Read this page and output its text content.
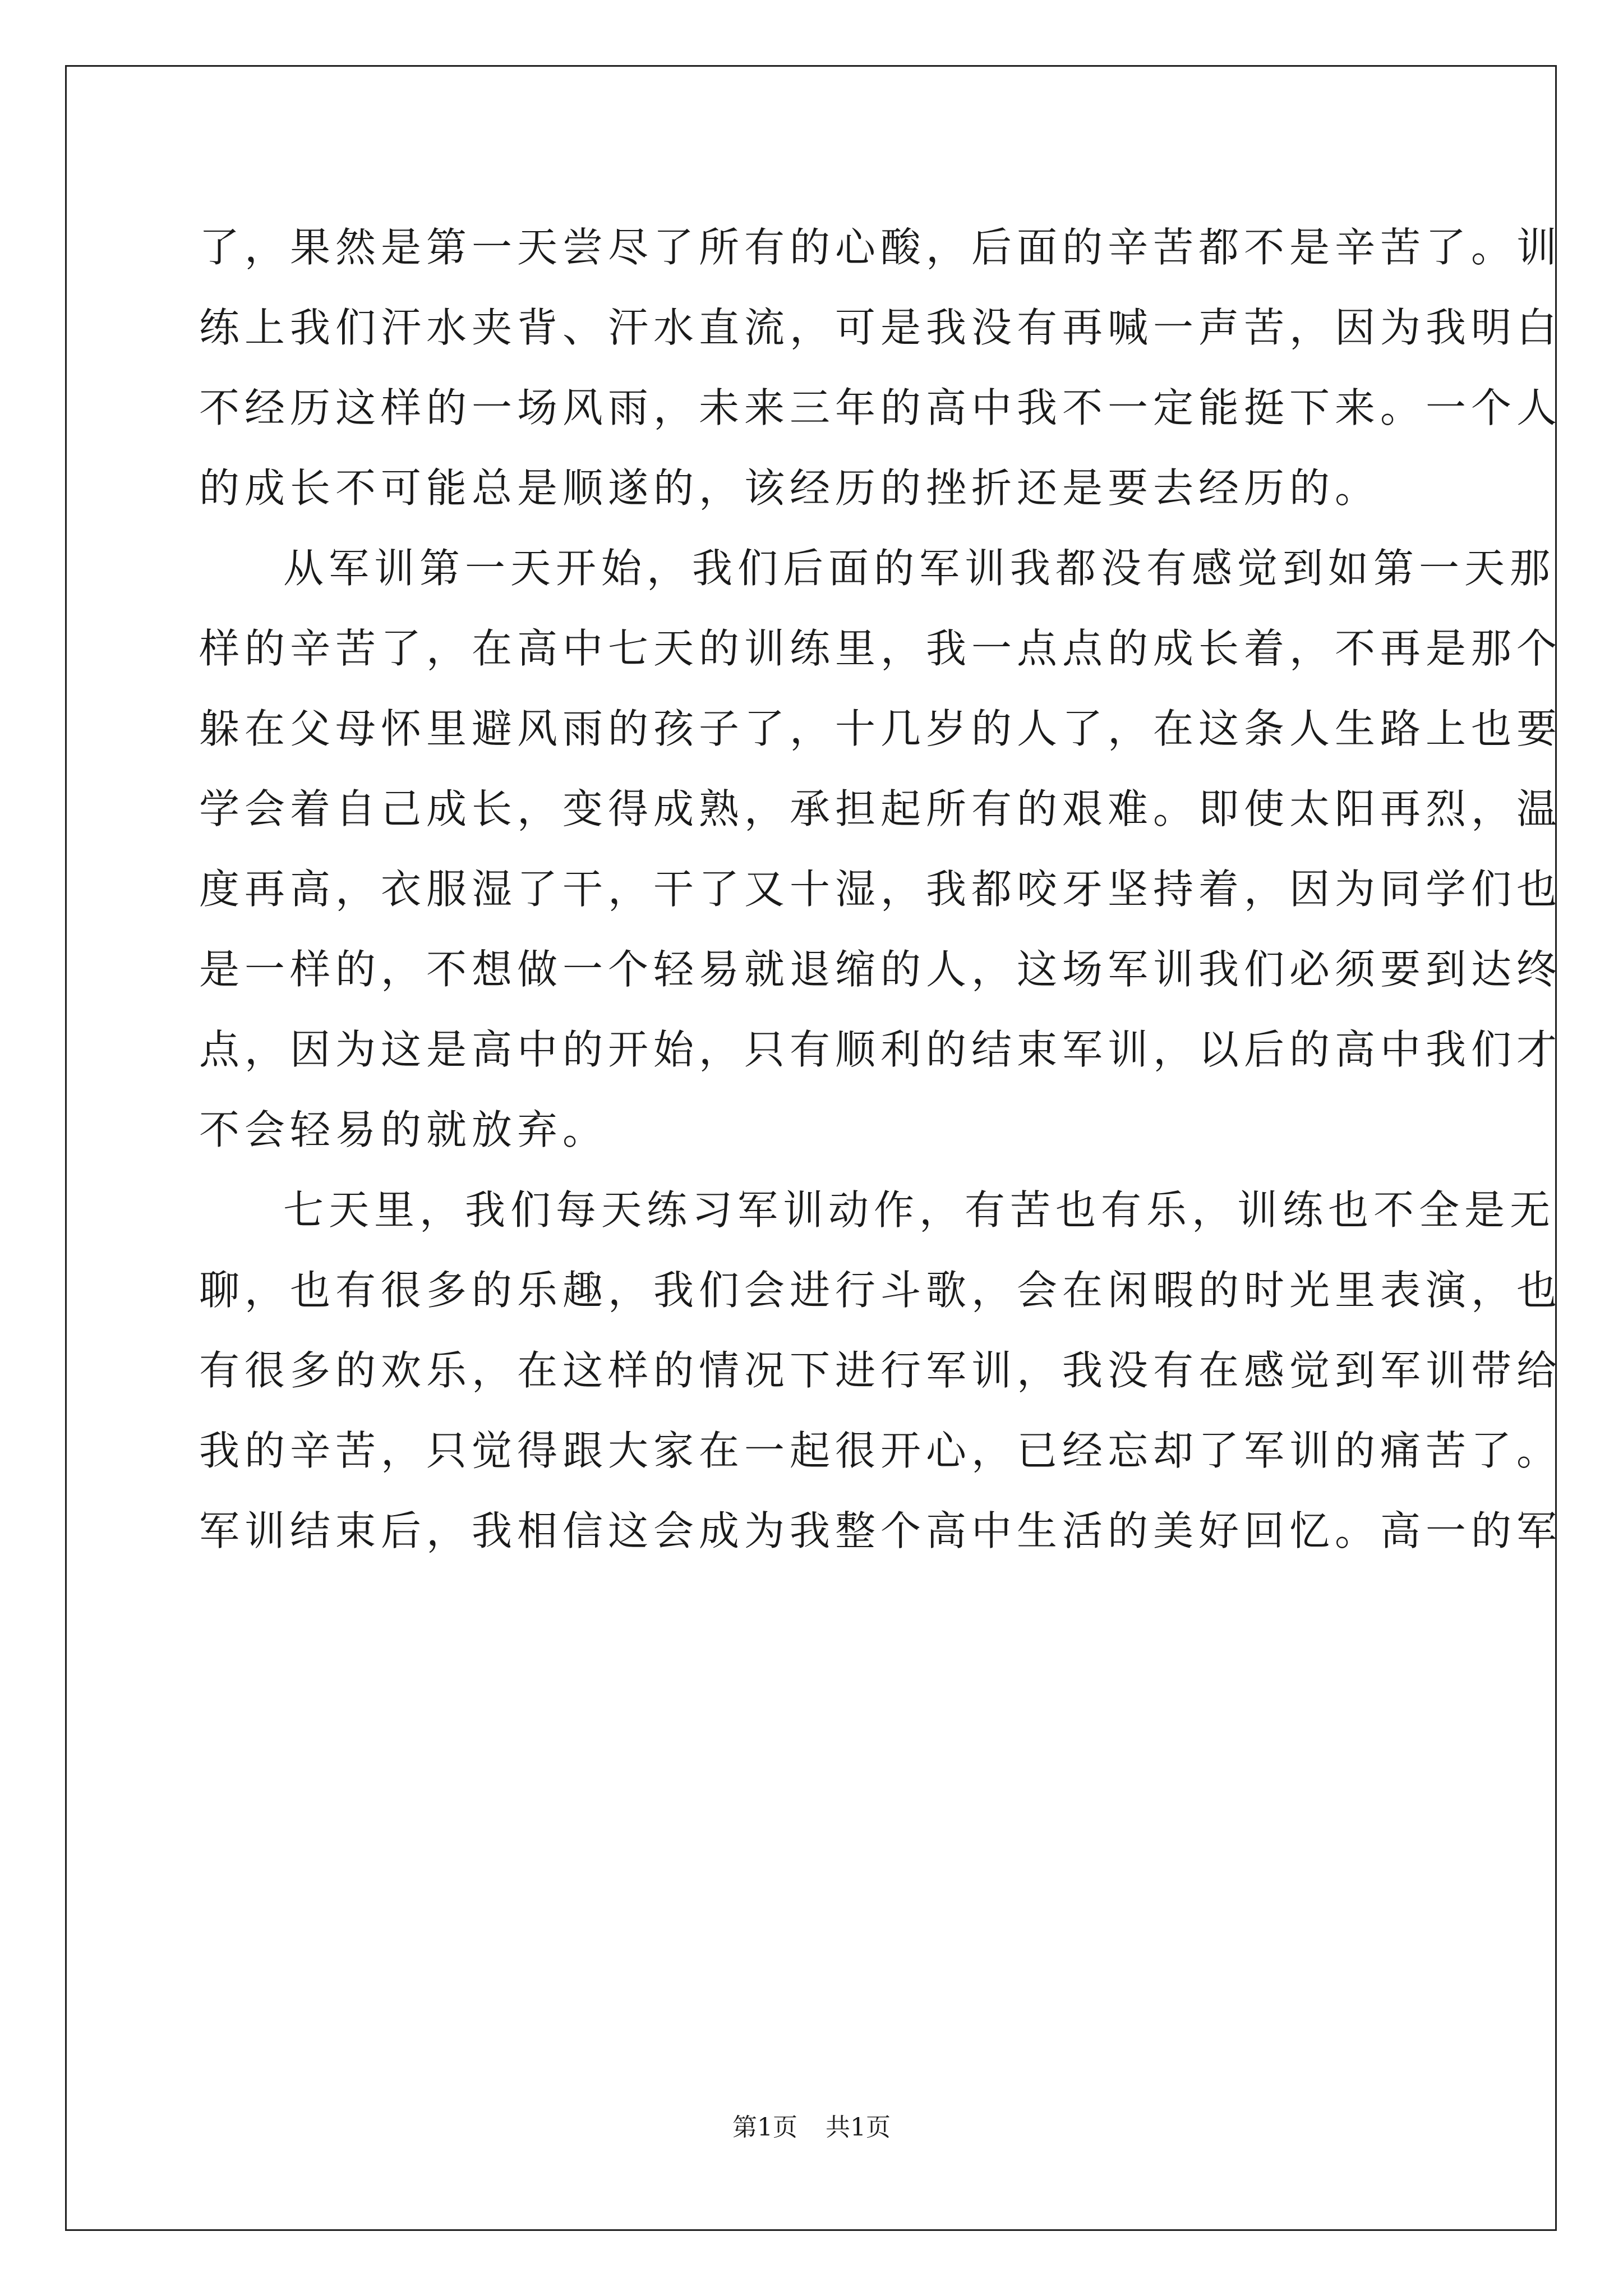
了，果然是第一天尝尽了所有的心酸，后面的辛苦都不是辛苦了。训
练上我们汗水夹背、汗水直流，可是我没有再喊一声苦，因为我明白
不经历这样的一场风雨，未来三年的高中我不一定能挺下来。一个人
的成长不可能总是顺遂的，该经历的挫折还是要去经历的。
从军训第一天开始，我们后面的军训我都没有感觉到如第一天那
样的辛苦了，在高中七天的训练里，我一点点的成长着，不再是那个
躲在父母怀里避风雨的孩子了，十几岁的人了，在这条人生路上也要
学会着自己成长，变得成熟，承担起所有的艰难。即使太阳再烈，温
度再高，衣服湿了干，干了又十湿，我都咬牙坚持着，因为同学们也
是一样的，不想做一个轻易就退缩的人，这场军训我们必须要到达终
点，因为这是高中的开始，只有顺利的结束军训，以后的高中我们才
不会轻易的就放弃。
七天里，我们每天练习军训动作，有苦也有乐，训练也不全是无
聊，也有很多的乐趣，我们会进行斗歌，会在闲暇的时光里表演，也
有很多的欢乐，在这样的情况下进行军训，我没有在感觉到军训带给
我的辛苦，只觉得跟大家在一起很开心，已经忘却了军训的痛苦了。
军训结束后，我相信这会成为我整个高中生活的美好回忆。高一的军
第1页 共1页
